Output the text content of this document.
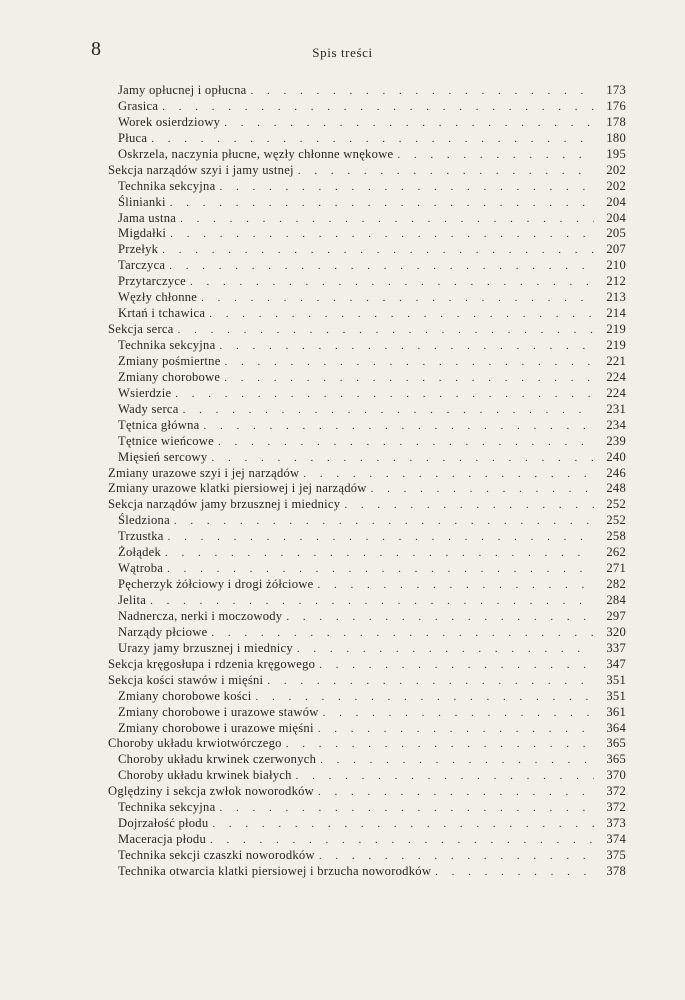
8	Spis treści
Jamy opłucnej i opłucna . . .	173
Grasica . . .	176
Worek osierdziowy . . .	178
Płuca . . .	180
Oskrzela, naczynia płucne, węzły chłonne wnękowe . . .	195
Sekcja narządów szyi i jamy ustnej . . .	202
Technika sekcyjna . . .	202
Ślinianki . . .	204
Jama ustna . . .	204
Migdałki . . .	205
Przełyk . . .	207
Tarczyca . . .	210
Przytarczyce . . .	212
Węzły chłonne . . .	213
Krtań i tchawica . . .	214
Sekcja serca . . .	219
Technika sekcyjna . . .	219
Zmiany pośmiertne . . .	221
Zmiany chorobowe . . .	224
Wsierdzie . . .	224
Wady serca . . .	231
Tętnica główna . . .	234
Tętnice wieńcowe . . .	239
Mięsień sercowy . . .	240
Zmiany urazowe szyi i jej narządów . . .	246
Zmiany urazowe klatki piersiowej i jej narządów . . .	248
Sekcja narządów jamy brzusznej i miednicy . . .	252
Śledziona . . .	252
Trzustka . . .	258
Żołądek . . .	262
Wątroba . . .	271
Pęcherzyk żółciowy i drogi żółciowe . . .	282
Jelita . . .	284
Nadnercza, nerki i moczowody . . .	297
Narządy płciowe . . .	320
Urazy jamy brzusznej i miednicy . . .	337
Sekcja kręgosłupa i rdzenia kręgowego . . .	347
Sekcja kości stawów i mięśni . . .	351
Zmiany chorobowe kości . . .	351
Zmiany chorobowe i urazowe stawów . . .	361
Zmiany chorobowe i urazowe mięśni . . .	364
Choroby układu krwiotwórczego . . .	365
Choroby układu krwinek czerwonych . . .	365
Choroby układu krwinek białych . . .	370
Oględziny i sekcja zwłok noworodków . . .	372
Technika sekcyjna . . .	372
Dojrzałość płodu . . .	373
Maceracja płodu . . .	374
Technika sekcji czaszki noworodków . . .	375
Technika otwarcia klatki piersiowej i brzucha noworodków . . .	378
